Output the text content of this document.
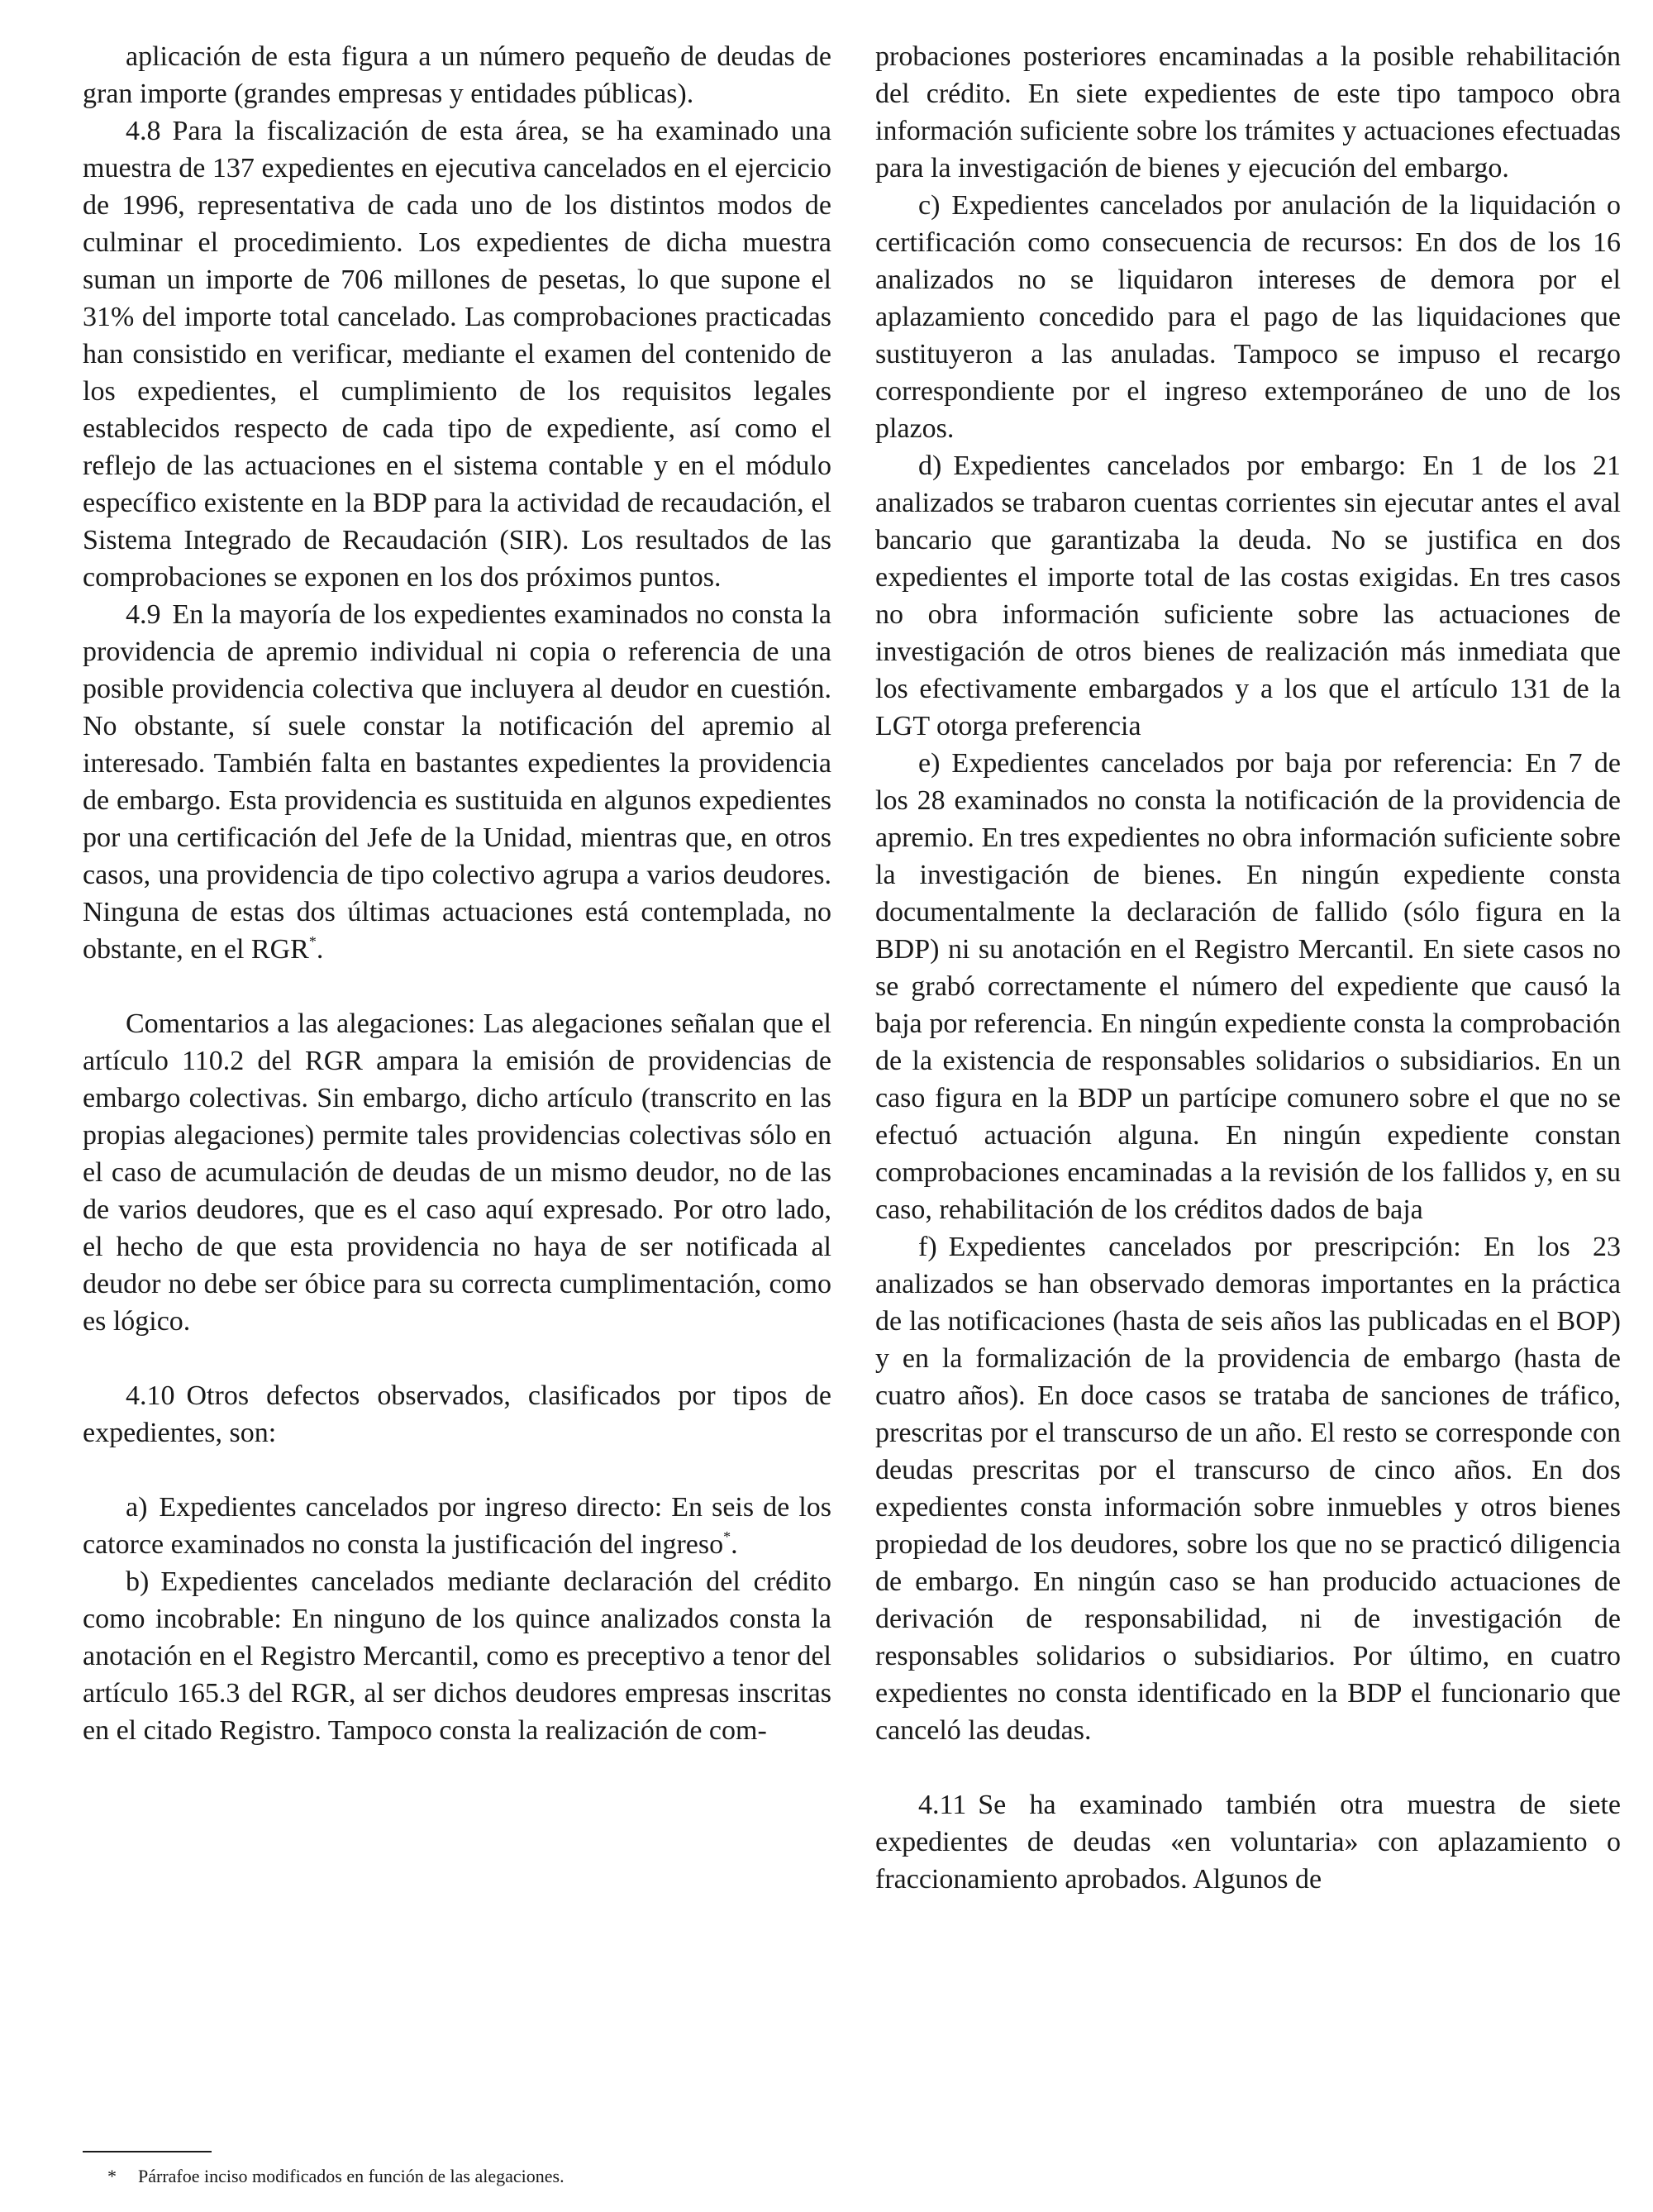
aplicación de esta figura a un número pequeño de deudas de gran importe (grandes empresas y entidades públicas).

4.8 Para la fiscalización de esta área, se ha examinado una muestra de 137 expedientes en ejecutiva cancelados en el ejercicio de 1996, representativa de cada uno de los distintos modos de culminar el procedimiento. Los expedientes de dicha muestra suman un importe de 706 millones de pesetas, lo que supone el 31% del importe total cancelado. Las comprobaciones practicadas han consistido en verificar, mediante el examen del contenido de los expedientes, el cumplimiento de los requisitos legales establecidos respecto de cada tipo de expediente, así como el reflejo de las actuaciones en el sistema contable y en el módulo específico existente en la BDP para la actividad de recaudación, el Sistema Integrado de Recaudación (SIR). Los resultados de las comprobaciones se exponen en los dos próximos puntos.

4.9 En la mayoría de los expedientes examinados no consta la providencia de apremio individual ni copia o referencia de una posible providencia colectiva que incluyera al deudor en cuestión. No obstante, sí suele constar la notificación del apremio al interesado. También falta en bastantes expedientes la providencia de embargo. Esta providencia es sustituida en algunos expedientes por una certificación del Jefe de la Unidad, mientras que, en otros casos, una providencia de tipo colectivo agrupa a varios deudores. Ninguna de estas dos últimas actuaciones está contemplada, no obstante, en el RGR*.

Comentarios a las alegaciones: Las alegaciones señalan que el artículo 110.2 del RGR ampara la emisión de providencias de embargo colectivas. Sin embargo, dicho artículo (transcrito en las propias alegaciones) permite tales providencias colectivas sólo en el caso de acumulación de deudas de un mismo deudor, no de las de varios deudores, que es el caso aquí expresado. Por otro lado, el hecho de que esta providencia no haya de ser notificada al deudor no debe ser óbice para su correcta cumplimentación, como es lógico.

4.10 Otros defectos observados, clasificados por tipos de expedientes, son:

a) Expedientes cancelados por ingreso directo: En seis de los catorce examinados no consta la justificación del ingreso*.

b) Expedientes cancelados mediante declaración del crédito como incobrable: En ninguno de los quince analizados consta la anotación en el Registro Mercantil, como es preceptivo a tenor del artículo 165.3 del RGR, al ser dichos deudores empresas inscritas en el citado Registro. Tampoco consta la realización de com-

probaciones posteriores encaminadas a la posible rehabilitación del crédito. En siete expedientes de este tipo tampoco obra información suficiente sobre los trámites y actuaciones efectuadas para la investigación de bienes y ejecución del embargo.

c) Expedientes cancelados por anulación de la liquidación o certificación como consecuencia de recursos: En dos de los 16 analizados no se liquidaron intereses de demora por el aplazamiento concedido para el pago de las liquidaciones que sustituyeron a las anuladas. Tampoco se impuso el recargo correspondiente por el ingreso extemporáneo de uno de los plazos.

d) Expedientes cancelados por embargo: En 1 de los 21 analizados se trabaron cuentas corrientes sin ejecutar antes el aval bancario que garantizaba la deuda. No se justifica en dos expedientes el importe total de las costas exigidas. En tres casos no obra información suficiente sobre las actuaciones de investigación de otros bienes de realización más inmediata que los efectivamente embargados y a los que el artículo 131 de la LGT otorga preferencia

e) Expedientes cancelados por baja por referencia: En 7 de los 28 examinados no consta la notificación de la providencia de apremio. En tres expedientes no obra información suficiente sobre la investigación de bienes. En ningún expediente consta documentalmente la declaración de fallido (sólo figura en la BDP) ni su anotación en el Registro Mercantil. En siete casos no se grabó correctamente el número del expediente que causó la baja por referencia. En ningún expediente consta la comprobación de la existencia de responsables solidarios o subsidiarios. En un caso figura en la BDP un partícipe comunero sobre el que no se efectuó actuación alguna. En ningún expediente constan comprobaciones encaminadas a la revisión de los fallidos y, en su caso, rehabilitación de los créditos dados de baja

f) Expedientes cancelados por prescripción: En los 23 analizados se han observado demoras importantes en la práctica de las notificaciones (hasta de seis años las publicadas en el BOP) y en la formalización de la providencia de embargo (hasta de cuatro años). En doce casos se trataba de sanciones de tráfico, prescritas por el transcurso de un año. El resto se corresponde con deudas prescritas por el transcurso de cinco años. En dos expedientes consta información sobre inmuebles y otros bienes propiedad de los deudores, sobre los que no se practicó diligencia de embargo. En ningún caso se han producido actuaciones de derivación de responsabilidad, ni de investigación de responsables solidarios o subsidiarios. Por último, en cuatro expedientes no consta identificado en la BDP el funcionario que canceló las deudas.

4.11 Se ha examinado también otra muestra de siete expedientes de deudas «en voluntaria» con aplazamiento o fraccionamiento aprobados. Algunos de

* Párrafoe inciso modificados en función de las alegaciones.
